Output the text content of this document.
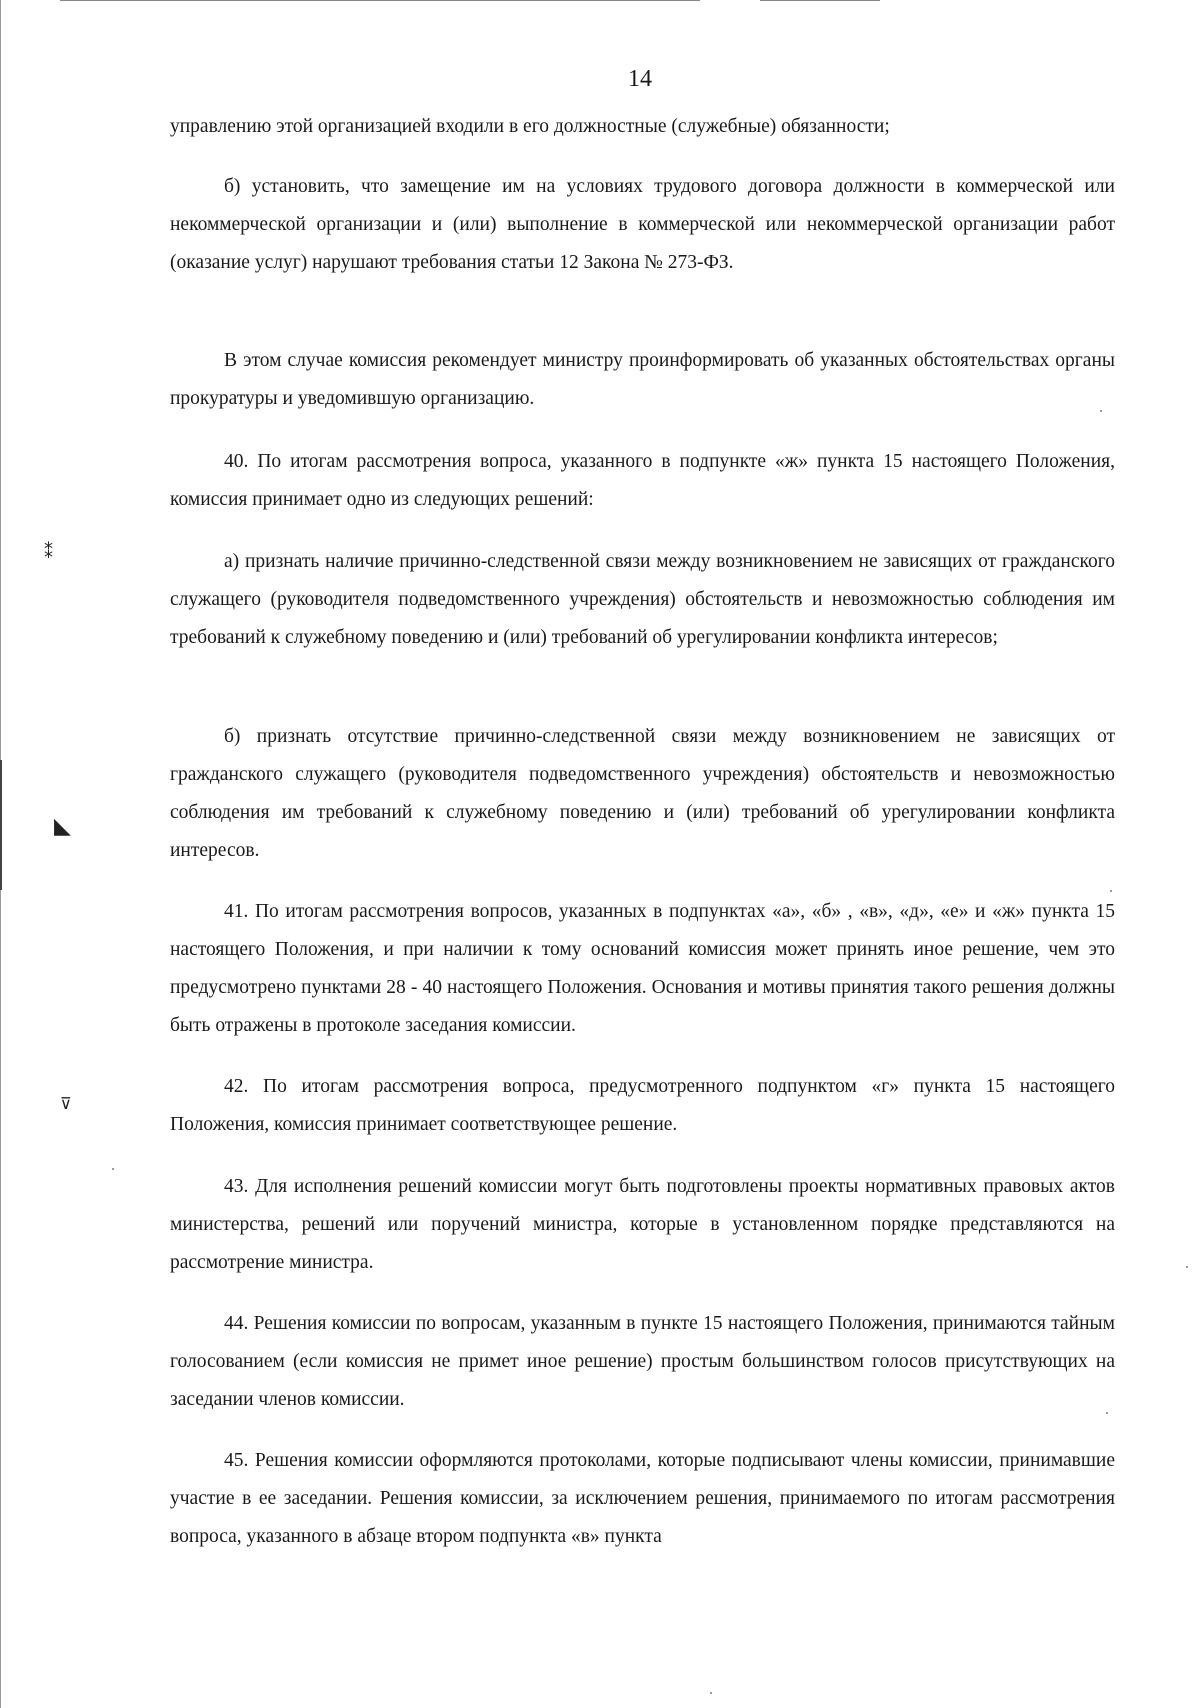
⁑
◣
⊽
14

управлению этой организацией входили в его должностные (служебные) обязанности;

б) установить, что замещение им на условиях трудового договора должности в коммерческой или некоммерческой организации и (или) выполнение в коммерческой или некоммерческой организации работ (оказание услуг) нарушают требования статьи 12 Закона № 273-ФЗ.

В этом случае комиссия рекомендует министру проинформировать об указанных обстоятельствах органы прокуратуры и уведомившую организацию.

40. По итогам рассмотрения вопроса, указанного в подпункте «ж» пункта 15 настоящего Положения, комиссия принимает одно из следующих решений:

а) признать наличие причинно-следственной связи между возникновением не зависящих от гражданского служащего (руководителя подведомственного учреждения) обстоятельств и невозможностью соблюдения им требований к служебному поведению и (или) требований об урегулировании конфликта интересов;

б) признать отсутствие причинно-следственной связи между возникновением не зависящих от гражданского служащего (руководителя подведомственного учреждения) обстоятельств и невозможностью соблюдения им требований к служебному поведению и (или) требований об урегулировании конфликта интересов.

41. По итогам рассмотрения вопросов, указанных в подпунктах «а», «б» , «в», «д», «е» и «ж» пункта 15 настоящего Положения, и при наличии к тому оснований комиссия может принять иное решение, чем это предусмотрено пунктами 28 - 40 настоящего Положения. Основания и мотивы принятия такого решения должны быть отражены в протоколе заседания комиссии.

42. По итогам рассмотрения вопроса, предусмотренного подпунктом «г» пункта 15 настоящего Положения, комиссия принимает соответствующее решение.

43. Для исполнения решений комиссии могут быть подготовлены проекты нормативных правовых актов министерства, решений или поручений министра, которые в установленном порядке представляются на рассмотрение министра.

44. Решения комиссии по вопросам, указанным в пункте 15 настоящего Положения, принимаются тайным голосованием (если комиссия не примет иное решение) простым большинством голосов присутствующих на заседании членов комиссии.

45. Решения комиссии оформляются протоколами, которые подписывают члены комиссии, принимавшие участие в ее заседании. Решения комиссии, за исключением решения, принимаемого по итогам рассмотрения вопроса, указанного в абзаце втором подпункта «в» пункта
